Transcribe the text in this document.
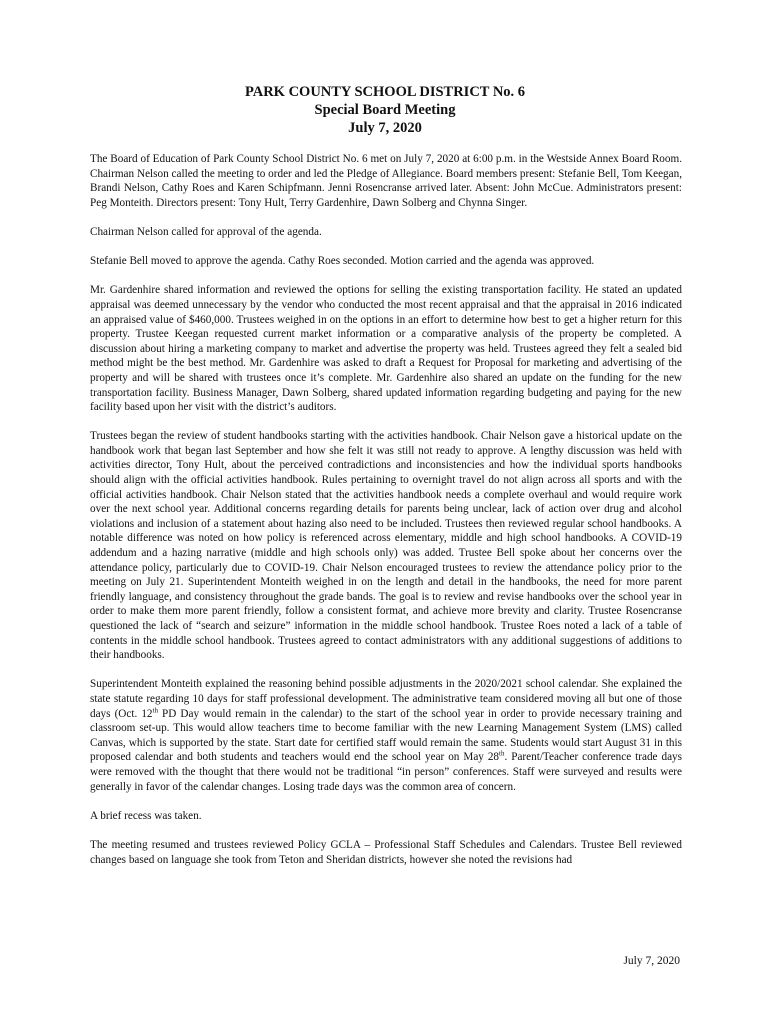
PARK COUNTY SCHOOL DISTRICT No. 6
Special Board Meeting
July 7, 2020

The Board of Education of Park County School District No. 6 met on July 7, 2020 at 6:00 p.m. in the Westside Annex Board Room. Chairman Nelson called the meeting to order and led the Pledge of Allegiance. Board members present: Stefanie Bell, Tom Keegan, Brandi Nelson, Cathy Roes and Karen Schipfmann. Jenni Rosencranse arrived later. Absent: John McCue. Administrators present: Peg Monteith. Directors present: Tony Hult, Terry Gardenhire, Dawn Solberg and Chynna Singer.

Chairman Nelson called for approval of the agenda.

Stefanie Bell moved to approve the agenda. Cathy Roes seconded. Motion carried and the agenda was approved.

Mr. Gardenhire shared information and reviewed the options for selling the existing transportation facility. He stated an updated appraisal was deemed unnecessary by the vendor who conducted the most recent appraisal and that the appraisal in 2016 indicated an appraised value of $460,000. Trustees weighed in on the options in an effort to determine how best to get a higher return for this property. Trustee Keegan requested current market information or a comparative analysis of the property be completed. A discussion about hiring a marketing company to market and advertise the property was held. Trustees agreed they felt a sealed bid method might be the best method. Mr. Gardenhire was asked to draft a Request for Proposal for marketing and advertising of the property and will be shared with trustees once it’s complete. Mr. Gardenhire also shared an update on the funding for the new transportation facility. Business Manager, Dawn Solberg, shared updated information regarding budgeting and paying for the new facility based upon her visit with the district’s auditors.

Trustees began the review of student handbooks starting with the activities handbook. Chair Nelson gave a historical update on the handbook work that began last September and how she felt it was still not ready to approve. A lengthy discussion was held with activities director, Tony Hult, about the perceived contradictions and inconsistencies and how the individual sports handbooks should align with the official activities handbook. Rules pertaining to overnight travel do not align across all sports and with the official activities handbook. Chair Nelson stated that the activities handbook needs a complete overhaul and would require work over the next school year. Additional concerns regarding details for parents being unclear, lack of action over drug and alcohol violations and inclusion of a statement about hazing also need to be included. Trustees then reviewed regular school handbooks. A notable difference was noted on how policy is referenced across elementary, middle and high school handbooks. A COVID-19 addendum and a hazing narrative (middle and high schools only) was added. Trustee Bell spoke about her concerns over the attendance policy, particularly due to COVID-19. Chair Nelson encouraged trustees to review the attendance policy prior to the meeting on July 21. Superintendent Monteith weighed in on the length and detail in the handbooks, the need for more parent friendly language, and consistency throughout the grade bands. The goal is to review and revise handbooks over the school year in order to make them more parent friendly, follow a consistent format, and achieve more brevity and clarity. Trustee Rosencranse questioned the lack of “search and seizure” information in the middle school handbook. Trustee Roes noted a lack of a table of contents in the middle school handbook. Trustees agreed to contact administrators with any additional suggestions of additions to their handbooks.

Superintendent Monteith explained the reasoning behind possible adjustments in the 2020/2021 school calendar. She explained the state statute regarding 10 days for staff professional development. The administrative team considered moving all but one of those days (Oct. 12th PD Day would remain in the calendar) to the start of the school year in order to provide necessary training and classroom set-up. This would allow teachers time to become familiar with the new Learning Management System (LMS) called Canvas, which is supported by the state. Start date for certified staff would remain the same. Students would start August 31 in this proposed calendar and both students and teachers would end the school year on May 28th. Parent/Teacher conference trade days were removed with the thought that there would not be traditional “in person” conferences. Staff were surveyed and results were generally in favor of the calendar changes. Losing trade days was the common area of concern.

A brief recess was taken.

The meeting resumed and trustees reviewed Policy GCLA – Professional Staff Schedules and Calendars. Trustee Bell reviewed changes based on language she took from Teton and Sheridan districts, however she noted the revisions had

July 7, 2020
